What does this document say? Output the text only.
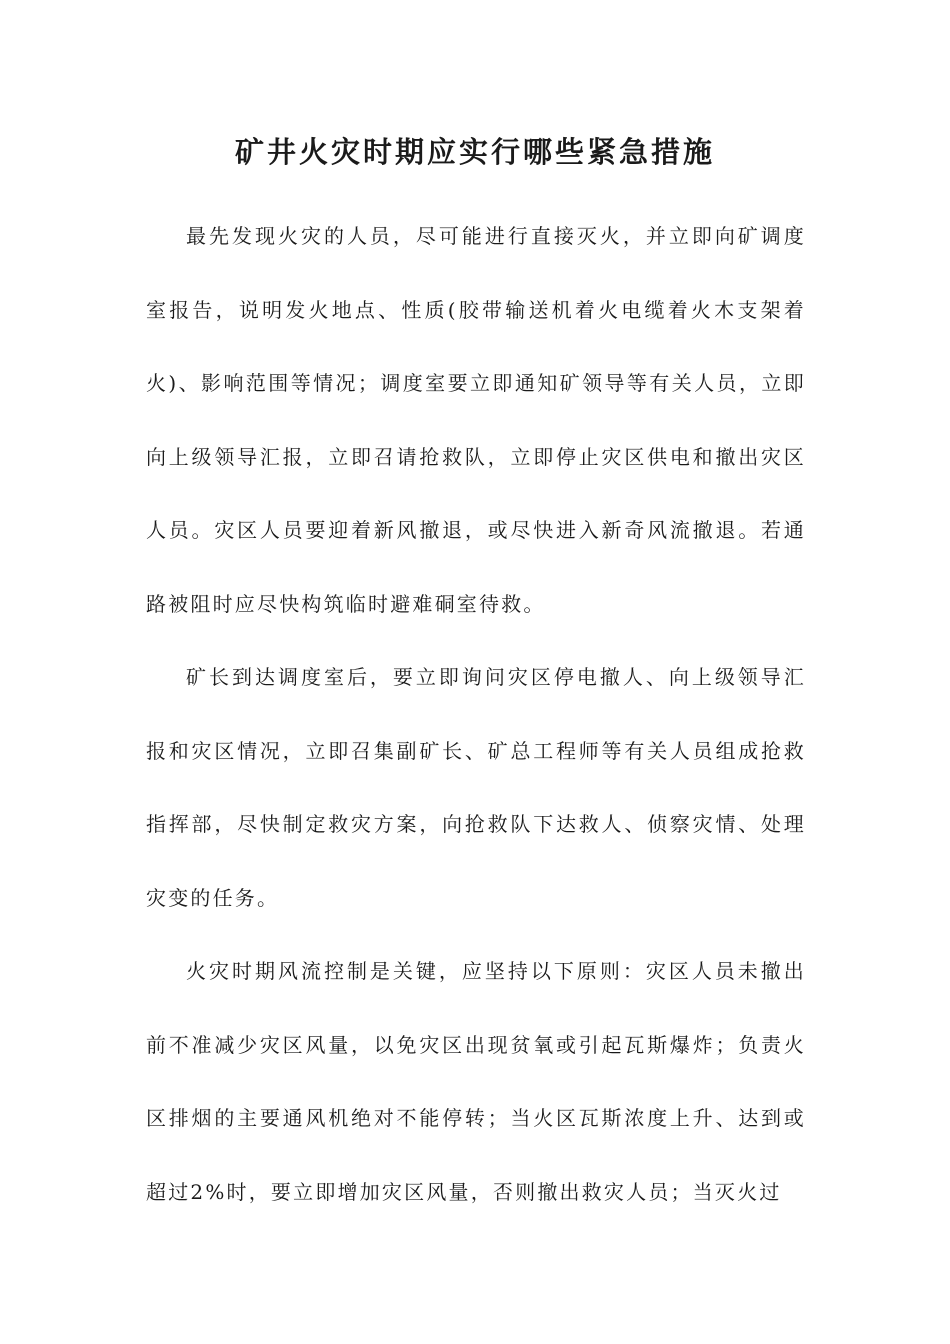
矿井火灾时期应实行哪些紧急措施

最先发现火灾的人员，尽可能进行直接灭火，并立即向矿调度室报告，说明发火地点、性质(胶带输送机着火电缆着火木支架着火)、影响范围等情况；调度室要立即通知矿领导等有关人员，立即向上级领导汇报，立即召请抢救队，立即停止灾区供电和撤出灾区人员。灾区人员要迎着新风撤退，或尽快进入新奇风流撤退。若通路被阻时应尽快构筑临时避难硐室待救。

矿长到达调度室后，要立即询问灾区停电撤人、向上级领导汇报和灾区情况，立即召集副矿长、矿总工程师等有关人员组成抢救指挥部，尽快制定救灾方案，向抢救队下达救人、侦察灾情、处理灾变的任务。

火灾时期风流控制是关键，应坚持以下原则：灾区人员未撤出前不准减少灾区风量，以免灾区出现贫氧或引起瓦斯爆炸；负责火区排烟的主要通风机绝对不能停转；当火区瓦斯浓度上升、达到或超过2%时，要立即增加灾区风量，否则撤出救灾人员；当灭火过
